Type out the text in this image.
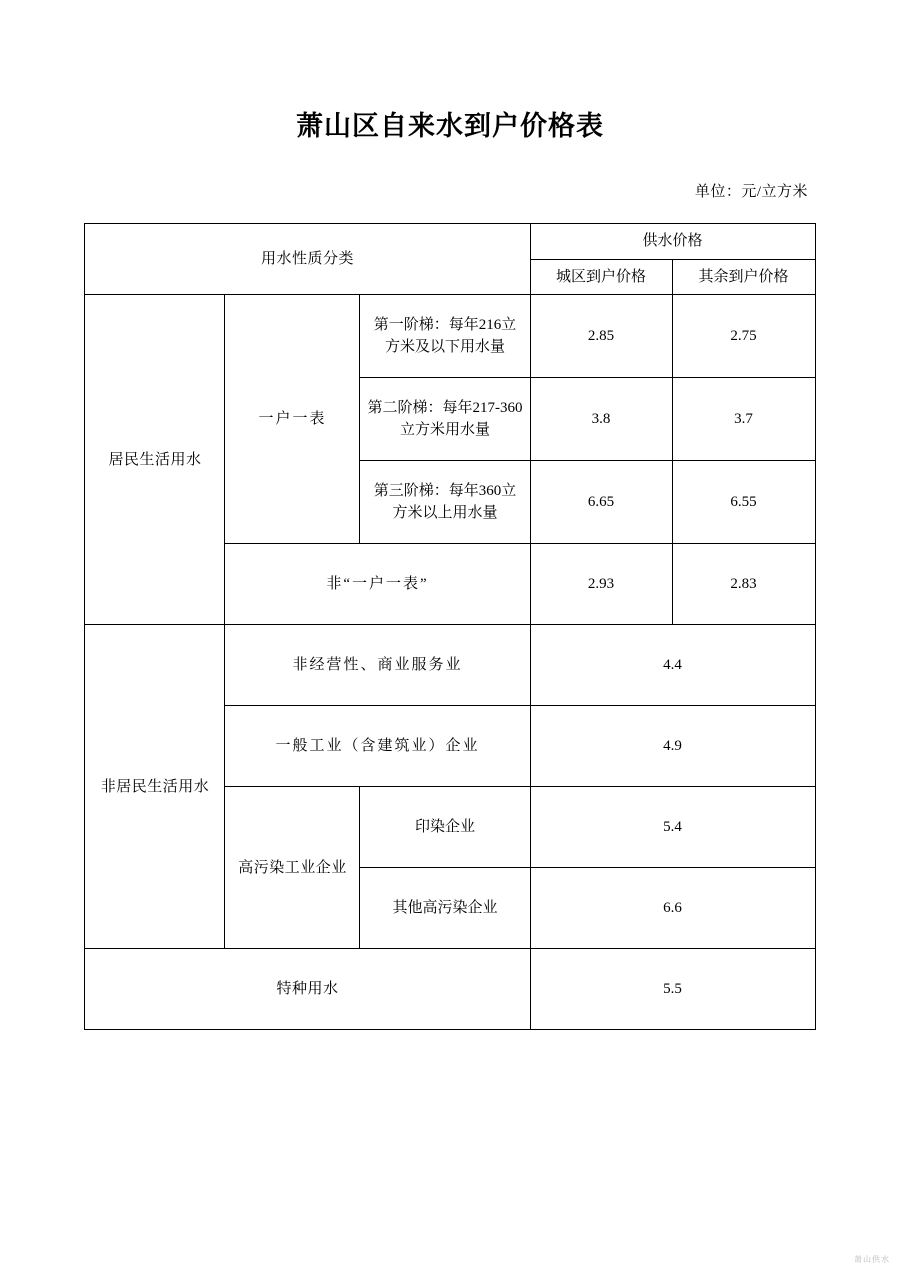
萧山区自来水到户价格表

单位：元/立方米

用水性质分类			供水价格	
			城区到户价格	其余到户价格
居民生活用水	一户一表	第一阶梯：每年216立方米及以下用水量	2.85	2.75
		第二阶梯：每年217-360立方米用水量	3.8	3.7
		第三阶梯：每年360立方米以上用水量	6.65	6.55
	非“一户一表”		2.93	2.83
非居民生活用水	非经营性、商业服务业		4.4	
	一般工业（含建筑业）企业		4.9	
	高污染工业企业	印染企业	5.4	
		其他高污染企业	6.6	
特种用水			5.5	
萧山供水
